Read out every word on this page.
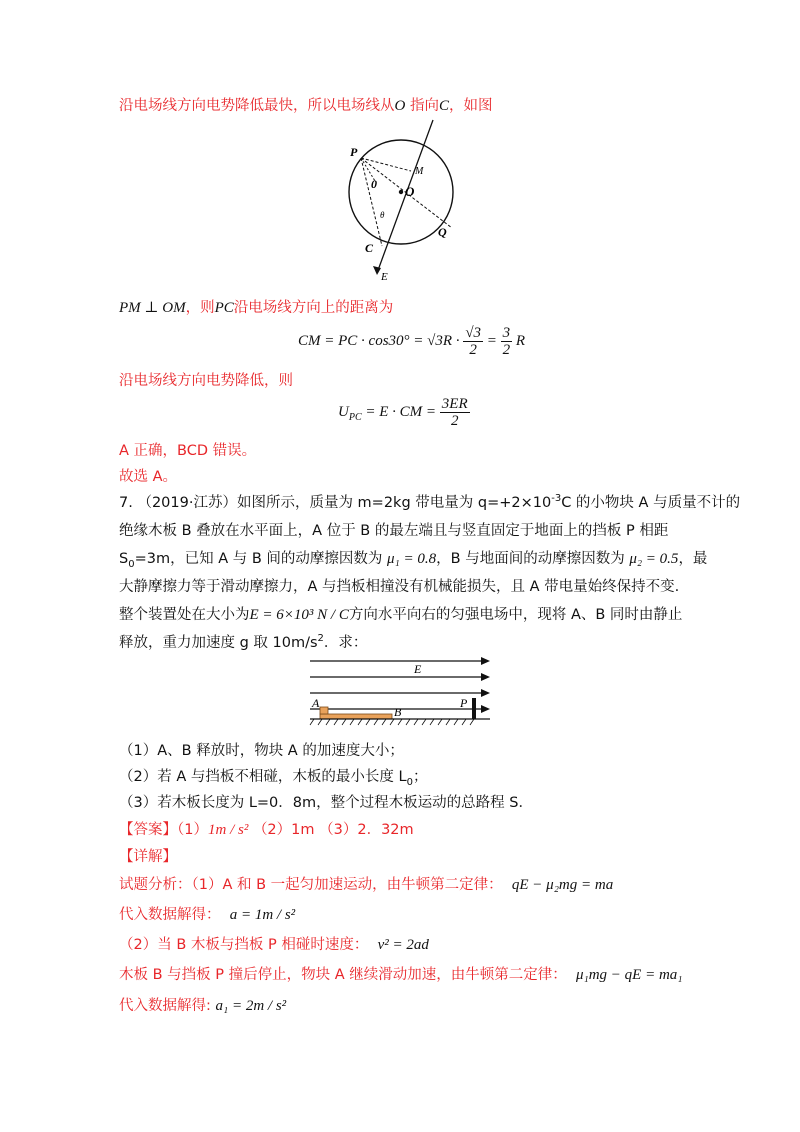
沿电场线方向电势降低最快，所以电场线从O 指向C，如图
P
M
O
0
θ
Q
C
E
PM ⊥ OM，则PC沿电场线方向上的距离为
CM = PC · $\cos 30^\circ = √3R \cdot \frac{√3}{2} = \frac{3}{2}$ R
沿电场线方向电势降低，则
$U_{PC} = E$ · CM = $\frac{3ER}{2}$
A 正确，BCD 错误。
故选 A。
7. （2019·江苏）如图所示，质量为 m=2kg 带电量为 $q=+2\times 10^{-3}C$ 的小物块 A 与质量不计的
绝缘木板 B 叠放在水平面上，A 位于 B 的最左端且与竖直固定于地面上的挡板 P 相距
$S_0=3m$，已知 A 与 B 间的动摩擦因数为 μ₁ = 0.8，B 与地面间的动摩擦因数为 μ₂ = 0.5，最
大静摩擦力等于滑动摩擦力，A 与挡板相撞没有机械能损失，且 A 带电量始终保持不变.
整个装置处在大小为E = 6×10³ N / C方向水平向右的匀强电场中，现将 A、B 同时由静止
释放，重力加速度 g 取 $10m/s^2$．求：
E
A
B
P
（1）A、B 释放时，物块 A 的加速度大小；
（2）若 A 与挡板不相碰，木板的最小长度 $L_0$；
（3）若木板长度为 L=0．8m，整个过程木板运动的总路程 S．
【答案】（1）1m / s² （2）1m （3）2．32m
【详解】
试题分析：（1）A 和 B 一起匀加速运动，由牛顿第二定律： qE − μ₂mg = ma
代入数据解得： a = 1m / s²
（2）当 B 木板与挡板 P 相碰时速度： v² = 2ad
木板 B 与挡板 P 撞后停止，物块 A 继续滑动加速，由牛顿第二定律： μ₁mg − qE = ma₁
代入数据解得: a₁ = 2m / s²
